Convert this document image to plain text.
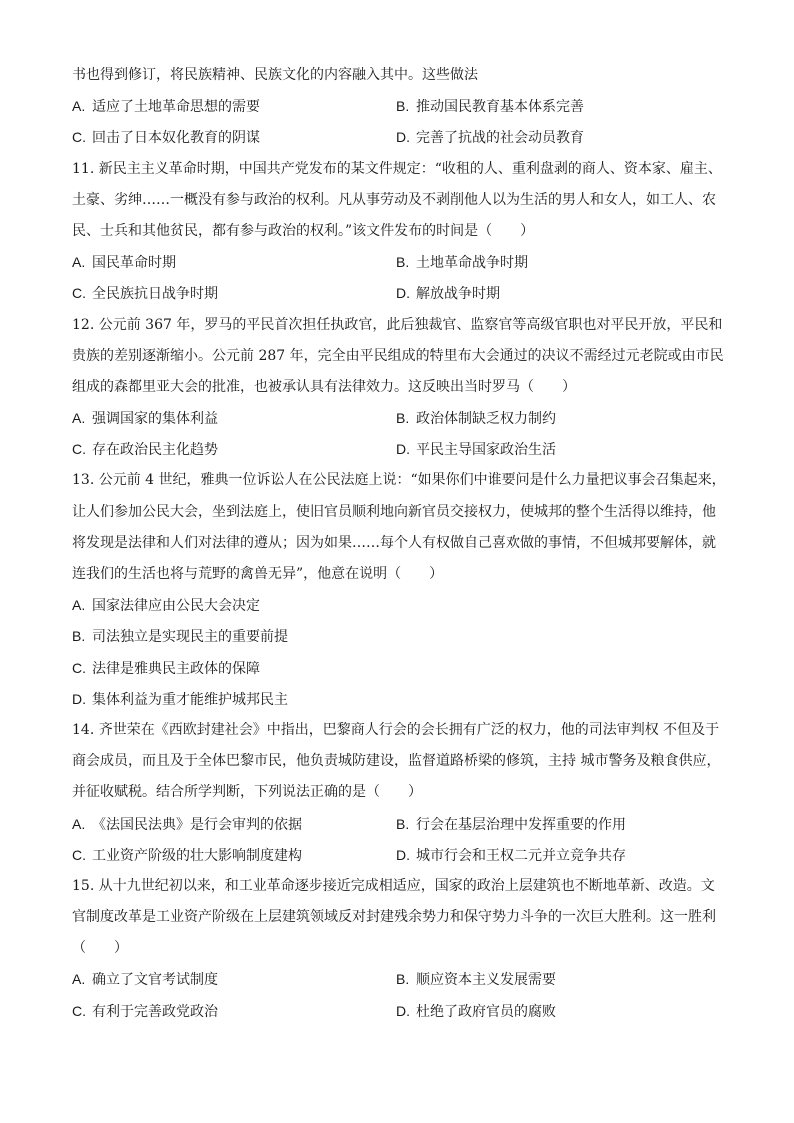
书也得到修订，将民族精神、民族文化的内容融入其中。这些做法
A. 适应了土地革命思想的需要	B. 推动国民教育基本体系完善
C. 回击了日本奴化教育的阴谋	D. 完善了抗战的社会动员教育
11. 新民主主义革命时期，中国共产党发布的某文件规定：“收租的人、重利盘剥的商人、资本家、雇主、
土豪、劣绅……一概没有参与政治的权利。凡从事劳动及不剥削他人以为生活的男人和女人，如工人、农
民、士兵和其他贫民，都有参与政治的权利。”该文件发布的时间是（　　）
A. 国民革命时期	B. 土地革命战争时期
C. 全民族抗日战争时期	D. 解放战争时期
12. 公元前 367 年，罗马的平民首次担任执政官，此后独裁官、监察官等高级官职也对平民开放，平民和
贵族的差别逐渐缩小。公元前 287 年，完全由平民组成的特里布大会通过的决议不需经过元老院或由市民
组成的森都里亚大会的批准，也被承认具有法律效力。这反映出当时罗马（　　）
A. 强调国家的集体利益	B. 政治体制缺乏权力制约
C. 存在政治民主化趋势	D. 平民主导国家政治生活
13. 公元前 4 世纪，雅典一位诉讼人在公民法庭上说：“如果你们中谁要问是什么力量把议事会召集起来，
让人们参加公民大会，坐到法庭上，使旧官员顺利地向新官员交接权力，使城邦的整个生活得以维持，他
将发现是法律和人们对法律的遵从；因为如果……每个人有权做自己喜欢做的事情，不但城邦要解体，就
连我们的生活也将与荒野的禽兽无异”，他意在说明（　　）
A. 国家法律应由公民大会决定
B. 司法独立是实现民主的重要前提
C. 法律是雅典民主政体的保障
D. 集体利益为重才能维护城邦民主
14. 齐世荣在《西欧封建社会》中指出，巴黎商人行会的会长拥有广泛的权力，他的司法审判权 不但及于
商会成员，而且及于全体巴黎市民，他负责城防建设，监督道路桥梁的修筑，主持 城市警务及粮食供应，
并征收赋税。结合所学判断，下列说法正确的是（　　）
A. 《法国民法典》是行会审判的依据	B. 行会在基层治理中发挥重要的作用
C. 工业资产阶级的壮大影响制度建构	D. 城市行会和王权二元并立竞争共存
15. 从十九世纪初以来，和工业革命逐步接近完成相适应，国家的政治上层建筑也不断地革新、改造。文
官制度改革是工业资产阶级在上层建筑领域反对封建残余势力和保守势力斗争的一次巨大胜利。这一胜利
（　　）
A. 确立了文官考试制度	B. 顺应资本主义发展需要
C. 有利于完善政党政治	D. 杜绝了政府官员的腐败
